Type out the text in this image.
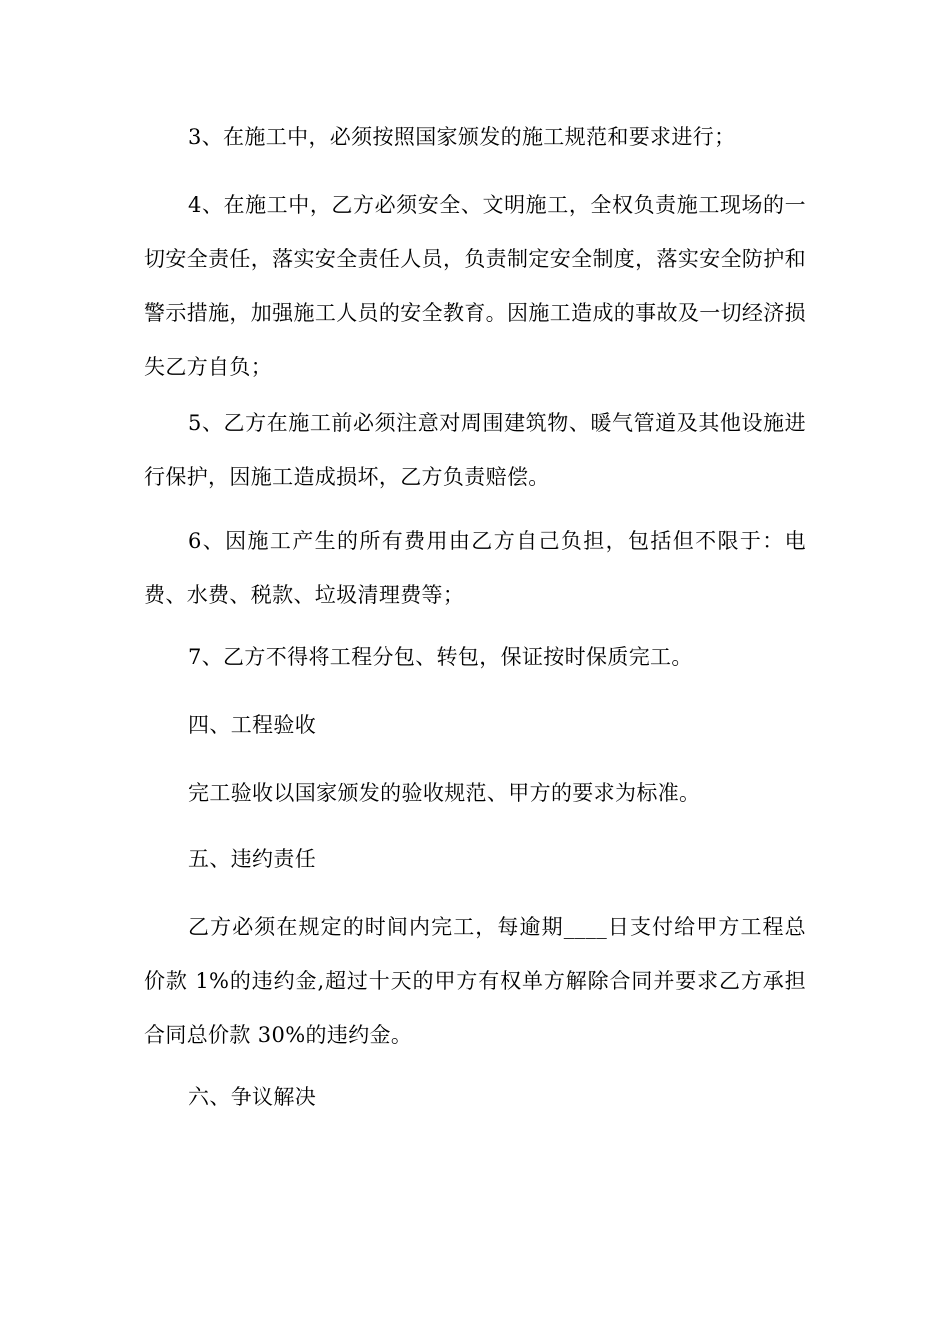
3、在施工中，必须按照国家颁发的施工规范和要求进行；

4、在施工中，乙方必须安全、文明施工，全权负责施工现场的一切安全责任，落实安全责任人员，负责制定安全制度，落实安全防护和警示措施，加强施工人员的安全教育。因施工造成的事故及一切经济损失乙方自负；

5、乙方在施工前必须注意对周围建筑物、暖气管道及其他设施进行保护，因施工造成损坏，乙方负责赔偿。

6、因施工产生的所有费用由乙方自己负担，包括但不限于：电费、水费、税款、垃圾清理费等；

7、乙方不得将工程分包、转包，保证按时保质完工。

四、工程验收

完工验收以国家颁发的验收规范、甲方的要求为标准。

五、违约责任

乙方必须在规定的时间内完工，每逾期____日支付给甲方工程总价款 1%的违约金,超过十天的甲方有权单方解除合同并要求乙方承担合同总价款 30%的违约金。

六、争议解决
